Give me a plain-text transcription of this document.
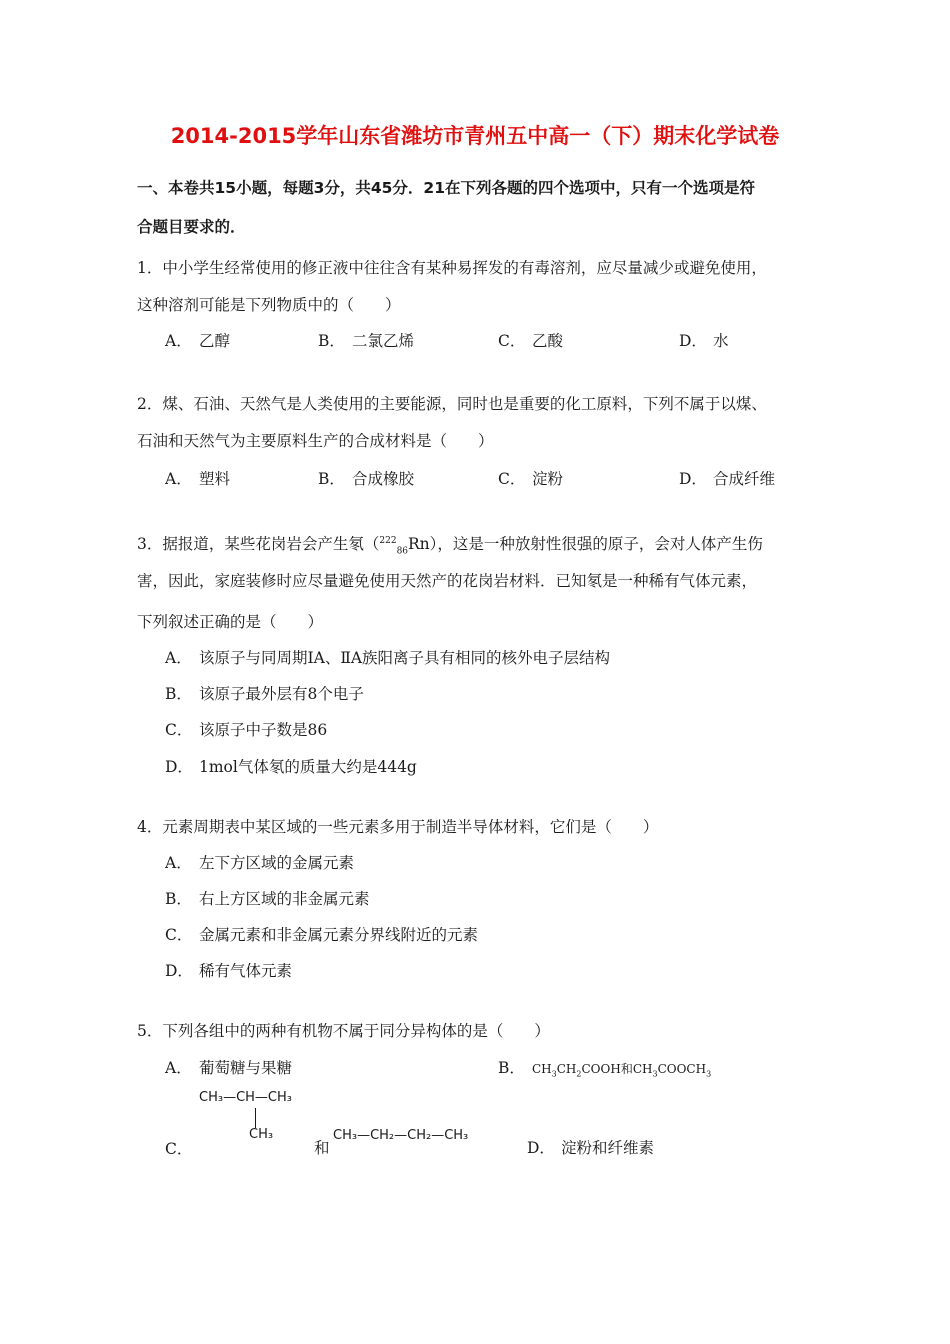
2014-2015学年山东省潍坊市青州五中高一（下）期末化学试卷
一、本卷共15小题，每题3分，共45分．21在下列各题的四个选项中，只有一个选项是符
合题目要求的．
1．中小学生经常使用的修正液中往往含有某种易挥发的有毒溶剂，应尽量减少或避免使用，
这种溶剂可能是下列物质中的（　　）
A． 乙醇	B． 二氯乙烯	C． 乙酸	D． 水
2．煤、石油、天然气是人类使用的主要能源，同时也是重要的化工原料，下列不属于以煤、
石油和天然气为主要原料生产的合成材料是（　　）
A． 塑料	B． 合成橡胶	C． 淀粉	D． 合成纤维
3．据报道，某些花岗岩会产生氡（$^{222}_{86}$Rn），这是一种放射性很强的原子，会对人体产生伤
害，因此，家庭装修时应尽量避免使用天然产的花岗岩材料．已知氡是一种稀有气体元素，
下列叙述正确的是（　　）
A． 该原子与同周期ⅠA、ⅡA族阳离子具有相同的核外电子层结构
B． 该原子最外层有8个电子
C． 该原子中子数是86
D． 1mol气体氡的质量大约是444g
4．元素周期表中某区域的一些元素多用于制造半导体材料，它们是（　　）
A． 左下方区域的金属元素
B． 右上方区域的非金属元素
C． 金属元素和非金属元素分界线附近的元素
D． 稀有气体元素
5．下列各组中的两种有机物不属于同分异构体的是（　　）
A． 葡萄糖与果糖	B． $CH_3CH_2COOH$和$CH_3COOCH_3$
CH₃—CH—CH₃
CH₃
C．	和
CH₃—CH₂—CH₂—CH₃
D． 淀粉和纤维素
